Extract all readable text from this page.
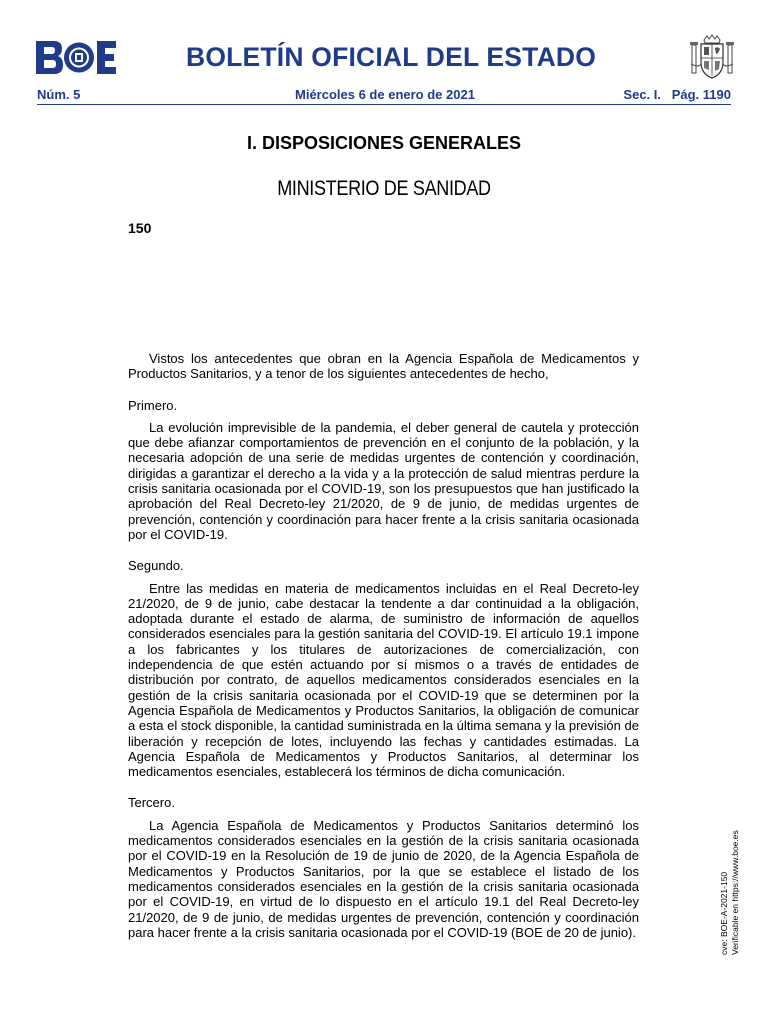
BOLETÍN OFICIAL DEL ESTADO
Núm. 5	Miércoles 6 de enero de 2021	Sec. I. Pág. 1190
I. DISPOSICIONES GENERALES
MINISTERIO DE SANIDAD
150

Vistos los antecedentes que obran en la Agencia Española de Medicamentos y Productos Sanitarios, y a tenor de los siguientes antecedentes de hecho,

Primero.

La evolución imprevisible de la pandemia, el deber general de cautela y protección que debe afianzar comportamientos de prevención en el conjunto de la población, y la necesaria adopción de una serie de medidas urgentes de contención y coordinación, dirigidas a garantizar el derecho a la vida y a la protección de salud mientras perdure la crisis sanitaria ocasionada por el COVID-19, son los presupuestos que han justificado la aprobación del Real Decreto-ley 21/2020, de 9 de junio, de medidas urgentes de prevención, contención y coordinación para hacer frente a la crisis sanitaria ocasionada por el COVID-19.

Segundo.

Entre las medidas en materia de medicamentos incluidas en el Real Decreto-ley 21/2020, de 9 de junio, cabe destacar la tendente a dar continuidad a la obligación, adoptada durante el estado de alarma, de suministro de información de aquellos considerados esenciales para la gestión sanitaria del COVID-19. El artículo 19.1 impone a los fabricantes y los titulares de autorizaciones de comercialización, con independencia de que estén actuando por sí mismos o a través de entidades de distribución por contrato, de aquellos medicamentos considerados esenciales en la gestión de la crisis sanitaria ocasionada por el COVID-19 que se determinen por la Agencia Española de Medicamentos y Productos Sanitarios, la obligación de comunicar a esta el stock disponible, la cantidad suministrada en la última semana y la previsión de liberación y recepción de lotes, incluyendo las fechas y cantidades estimadas. La Agencia Española de Medicamentos y Productos Sanitarios, al determinar los medicamentos esenciales, establecerá los términos de dicha comunicación.

Tercero.

La Agencia Española de Medicamentos y Productos Sanitarios determinó los medicamentos considerados esenciales en la gestión de la crisis sanitaria ocasionada por el COVID-19 en la Resolución de 19 de junio de 2020, de la Agencia Española de Medicamentos y Productos Sanitarios, por la que se establece el listado de los medicamentos considerados esenciales en la gestión de la crisis sanitaria ocasionada por el COVID-19, en virtud de lo dispuesto en el artículo 19.1 del Real Decreto-ley 21/2020, de 9 de junio, de medidas urgentes de prevención, contención y coordinación para hacer frente a la crisis sanitaria ocasionada por el COVID-19 (BOE de 20 de junio).	cve: BOE-A-2021-150 Verificable en https://www.boe.es
